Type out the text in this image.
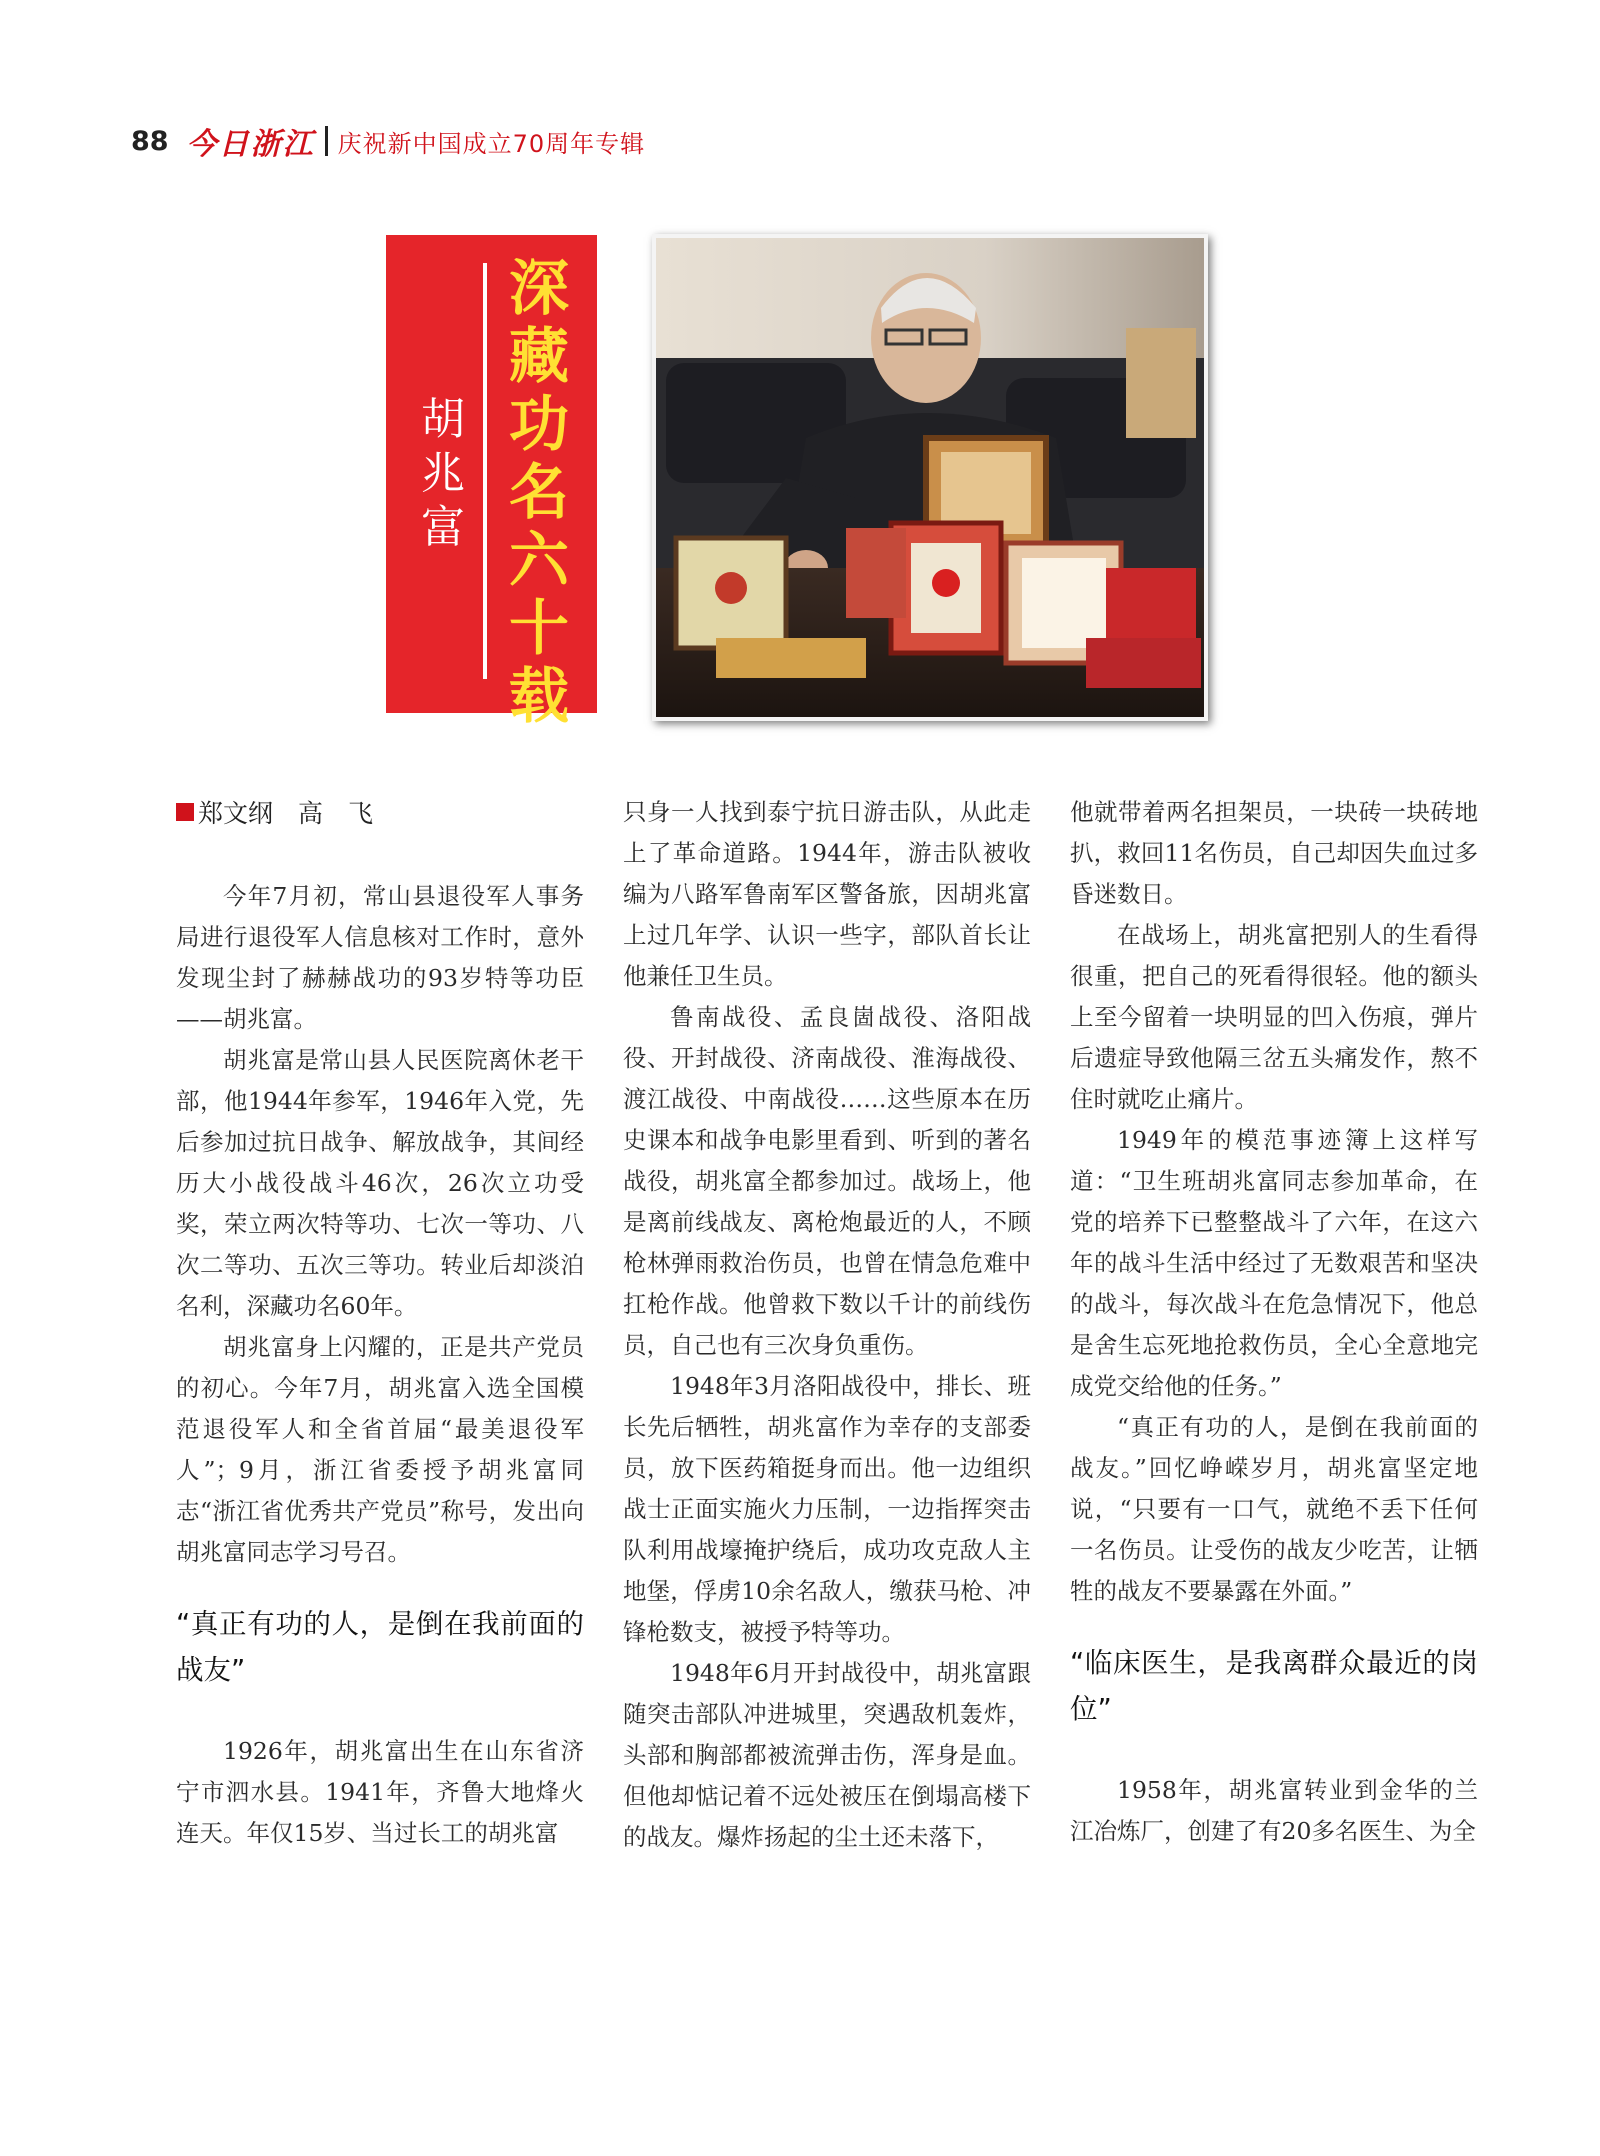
88 今日浙江 庆祝新中国成立70周年专辑
胡
兆
富
深
藏
功
名
六
十
载
郑文纲　高　飞

今年7月初，常山县退役军人事务局进行退役军人信息核对工作时，意外发现尘封了赫赫战功的93岁特等功臣——胡兆富。

胡兆富是常山县人民医院离休老干部，他1944年参军，1946年入党，先后参加过抗日战争、解放战争，其间经历大小战役战斗46次，26次立功受奖，荣立两次特等功、七次一等功、八次二等功、五次三等功。转业后却淡泊名利，深藏功名60年。

胡兆富身上闪耀的，正是共产党员的初心。今年7月，胡兆富入选全国模范退役军人和全省首届“最美退役军人”；9月，浙江省委授予胡兆富同志“浙江省优秀共产党员”称号，发出向胡兆富同志学习号召。

“真正有功的人，是倒在我前面的战友”

1926年，胡兆富出生在山东省济宁市泗水县。1941年，齐鲁大地烽火连天。年仅15岁、当过长工的胡兆富

只身一人找到泰宁抗日游击队，从此走上了革命道路。1944年，游击队被收编为八路军鲁南军区警备旅，因胡兆富上过几年学、认识一些字，部队首长让他兼任卫生员。

鲁南战役、孟良崮战役、洛阳战役、开封战役、济南战役、淮海战役、渡江战役、中南战役……这些原本在历史课本和战争电影里看到、听到的著名战役，胡兆富全都参加过。战场上，他是离前线战友、离枪炮最近的人，不顾枪林弹雨救治伤员，也曾在情急危难中扛枪作战。他曾救下数以千计的前线伤员，自己也有三次身负重伤。

1948年3月洛阳战役中，排长、班长先后牺牲，胡兆富作为幸存的支部委员，放下医药箱挺身而出。他一边组织战士正面实施火力压制，一边指挥突击队利用战壕掩护绕后，成功攻克敌人主地堡，俘虏10余名敌人，缴获马枪、冲锋枪数支，被授予特等功。

1948年6月开封战役中，胡兆富跟随突击部队冲进城里，突遇敌机轰炸，头部和胸部都被流弹击伤，浑身是血。但他却惦记着不远处被压在倒塌高楼下的战友。爆炸扬起的尘土还未落下，

他就带着两名担架员，一块砖一块砖地扒，救回11名伤员，自己却因失血过多昏迷数日。

在战场上，胡兆富把别人的生看得很重，把自己的死看得很轻。他的额头上至今留着一块明显的凹入伤痕，弹片后遗症导致他隔三岔五头痛发作，熬不住时就吃止痛片。

1949年的模范事迹簿上这样写道：“卫生班胡兆富同志参加革命，在党的培养下已整整战斗了六年，在这六年的战斗生活中经过了无数艰苦和坚决的战斗，每次战斗在危急情况下，他总是舍生忘死地抢救伤员，全心全意地完成党交给他的任务。”

“真正有功的人，是倒在我前面的战友。”回忆峥嵘岁月，胡兆富坚定地说，“只要有一口气，就绝不丢下任何一名伤员。让受伤的战友少吃苦，让牺牲的战友不要暴露在外面。”

“临床医生，是我离群众最近的岗位”

1958年，胡兆富转业到金华的兰江冶炼厂，创建了有20多名医生、为全
